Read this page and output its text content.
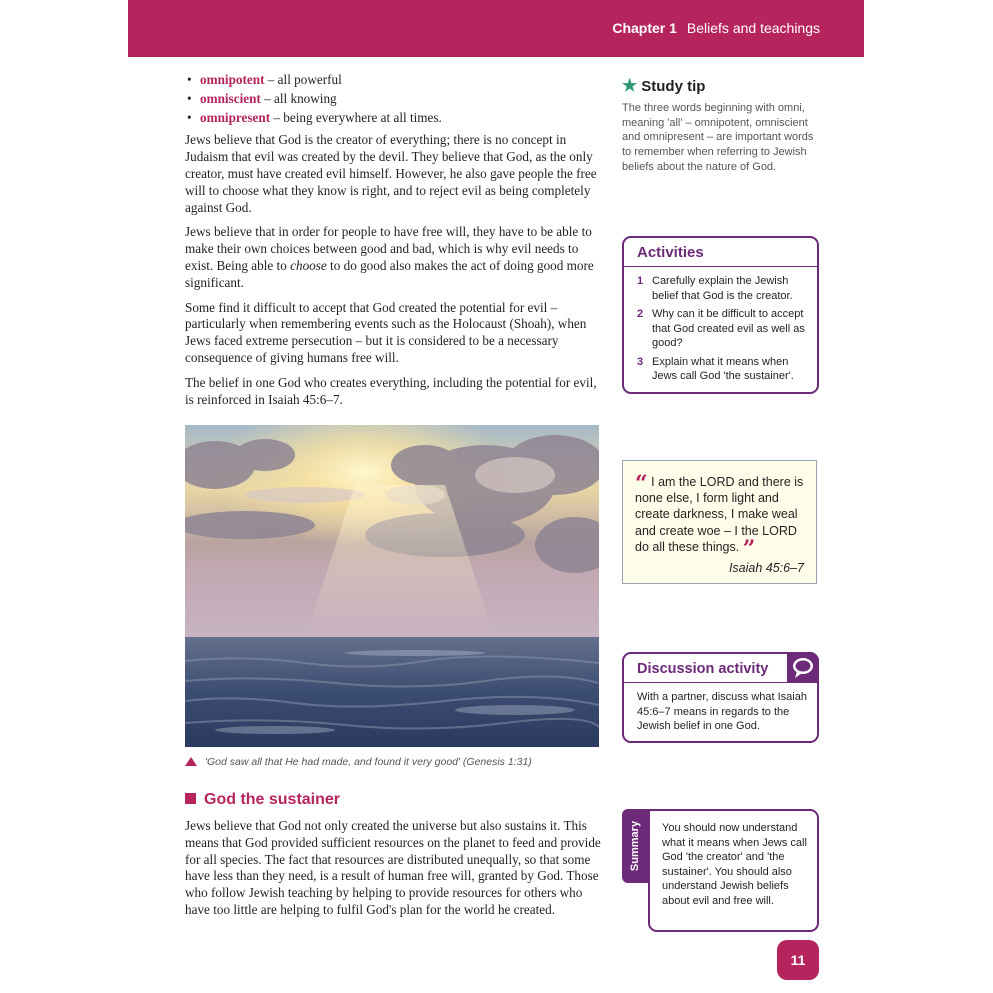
Chapter 1 Beliefs and teachings
• omnipotent – all powerful
• omniscient – all knowing
• omnipresent – being everywhere at all times.

Jews believe that God is the creator of everything; there is no concept in Judaism that evil was created by the devil. They believe that God, as the only creator, must have created evil himself. However, he also gave people the free will to choose what they know is right, and to reject evil as being completely against God.

Jews believe that in order for people to have free will, they have to be able to make their own choices between good and bad, which is why evil needs to exist. Being able to choose to do good also makes the act of doing good more significant.

Some find it difficult to accept that God created the potential for evil – particularly when remembering events such as the Holocaust (Shoah), when Jews faced extreme persecution – but it is considered to be a necessary consequence of giving humans free will.

The belief in one God who creates everything, including the potential for evil, is reinforced in Isaiah 45:6–7.

'God saw all that He had made, and found it very good' (Genesis 1:31)
God the sustainer

Jews believe that God not only created the universe but also sustains it. This means that God provided sufficient resources on the planet to feed and provide for all species. The fact that resources are distributed unequally, so that some have less than they need, is a result of human free will, granted by God. Those who follow Jewish teaching by helping to provide resources for others who have too little are helping to fulfil God's plan for the world he created.

★ Study tip
The three words beginning with omni, meaning 'all' – omnipotent, omniscient and omnipresent – are important words to remember when referring to Jewish beliefs about the nature of God.
Activities
1 Carefully explain the Jewish belief that God is the creator.
2 Why can it be difficult to accept that God created evil as well as good?
3 Explain what it means when Jews call God 'the sustainer'.
“ I am the LORD and there is none else, I form light and create darkness, I make weal and create woe – I the LORD do all these things. ”
Isaiah 45:6–7
Discussion activity
With a partner, discuss what Isaiah 45:6–7 means in regards to the Jewish belief in one God.
Summary	You should now understand what it means when Jews call God 'the creator' and 'the sustainer'. You should also understand Jewish beliefs about evil and free will.
11
